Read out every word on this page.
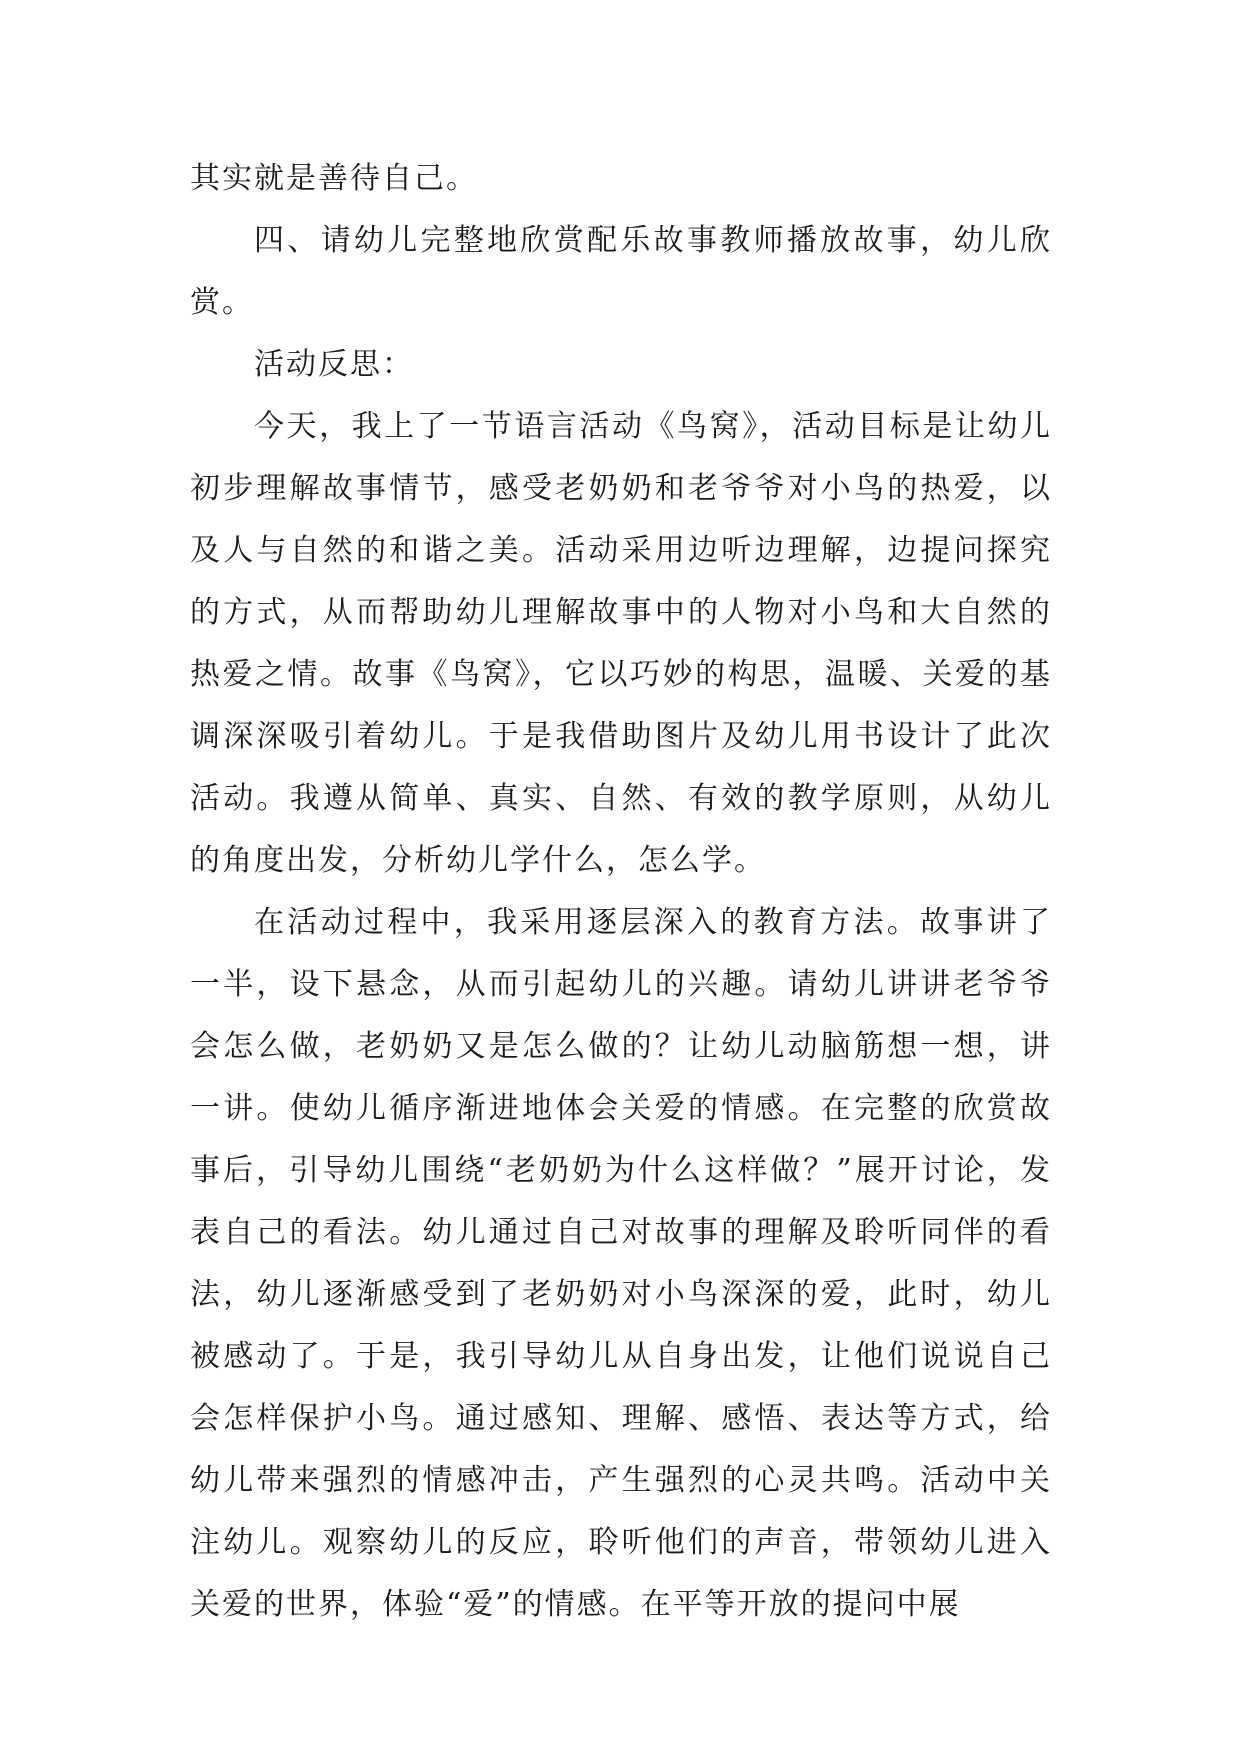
其实就是善待自己。

四、请幼儿完整地欣赏配乐故事教师播放故事，幼儿欣赏。

活动反思：

今天，我上了一节语言活动《鸟窝》，活动目标是让幼儿初步理解故事情节，感受老奶奶和老爷爷对小鸟的热爱，以及人与自然的和谐之美。活动采用边听边理解，边提问探究的方式，从而帮助幼儿理解故事中的人物对小鸟和大自然的热爱之情。故事《鸟窝》，它以巧妙的构思，温暖、关爱的基调深深吸引着幼儿。于是我借助图片及幼儿用书设计了此次活动。我遵从简单、真实、自然、有效的教学原则，从幼儿的角度出发，分析幼儿学什么，怎么学。

在活动过程中，我采用逐层深入的教育方法。故事讲了一半，设下悬念，从而引起幼儿的兴趣。请幼儿讲讲老爷爷会怎么做，老奶奶又是怎么做的？让幼儿动脑筋想一想，讲一讲。使幼儿循序渐进地体会关爱的情感。在完整的欣赏故事后，引导幼儿围绕“老奶奶为什么这样做？”展开讨论，发表自己的看法。幼儿通过自己对故事的理解及聆听同伴的看法，幼儿逐渐感受到了老奶奶对小鸟深深的爱，此时，幼儿被感动了。于是，我引导幼儿从自身出发，让他们说说自己会怎样保护小鸟。通过感知、理解、感悟、表达等方式，给幼儿带来强烈的情感冲击，产生强烈的心灵共鸣。活动中关注幼儿。观察幼儿的反应，聆听他们的声音，带领幼儿进入关爱的世界，体验“爱”的情感。在平等开放的提问中展
